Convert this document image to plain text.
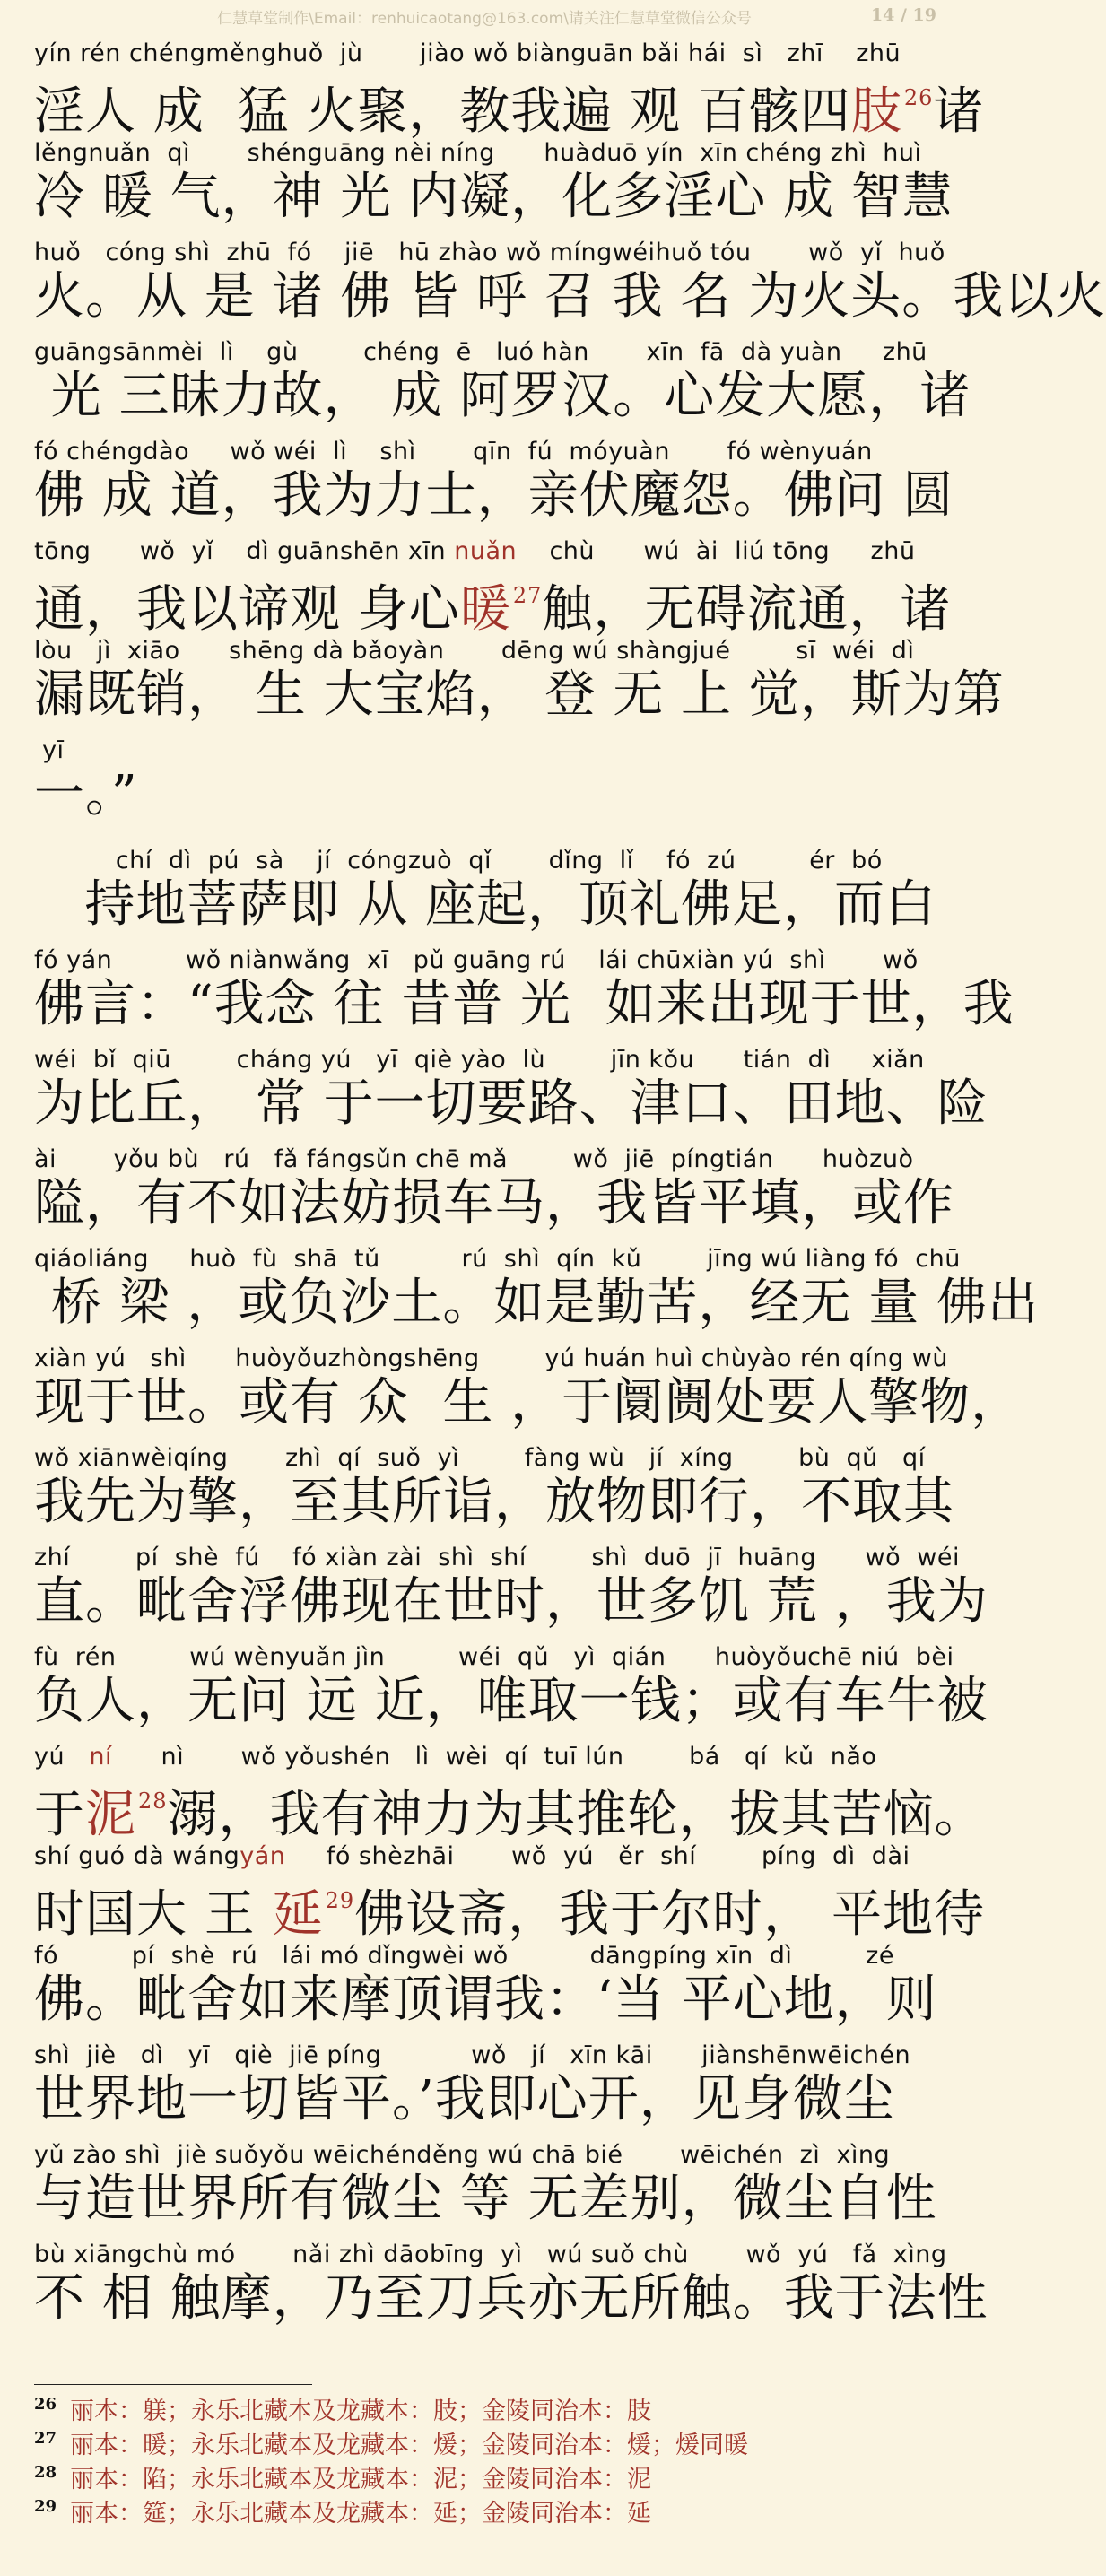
仁慧草堂制作\Email：renhuicaotang@163.com\请关注仁慧草堂微信公众号	14 / 19
yín rén chéngměnghuǒ  jù       jiào wǒ biànguān bǎi hái  sì   zhī    zhū
淫人 成  猛 火聚，教我遍 观 百骸四肢$^{26}$诸
lěngnuǎn  qì       shénguāng nèi níng      huàduō yín  xīn chéng zhì  huì
冷 暖 气，神 光 内凝，化多淫心 成 智慧
huǒ   cóng shì  zhū  fó    jiē   hū zhào wǒ míngwéihuǒ tóu       wǒ  yǐ  huǒ
火。从 是 诸 佛 皆 呼 召 我 名 为火头。我以火
guāngsānmèi  lì    gù        chéng  ē   luó hàn       xīn  fā  dà yuàn     zhū
光 三昧力故， 成 阿罗汉。心发大愿，诸
fó chéngdào     wǒ wéi  lì    shì       qīn  fú  móyuàn       fó wènyuán
佛 成 道，我为力士，亲伏魔怨。佛问 圆
tōng      wǒ  yǐ    dì guānshēn xīn nuǎn    chù      wú  ài  liú tōng     zhū
通，我以谛观 身心暖$^{27}$触，无碍流通，诸
lòu   jì  xiāo      shēng dà bǎoyàn       dēng wú shàngjué        sī  wéi  dì
漏既销， 生 大宝焰， 登 无 上 觉，斯为第
yī
一。”
chí  dì  pú  sà    jí  cóngzuò  qǐ       dǐng  lǐ    fó  zú         ér  bó
持地菩萨即 从 座起，顶礼佛足，而白
fó yán         wǒ niànwǎng  xī   pǔ guāng rú    lái chūxiàn yú  shì       wǒ
佛言：“我念 往 昔普 光  如来出现于世，我
wéi  bǐ  qiū        cháng yú   yī  qiè yào  lù        jīn kǒu      tián  dì     xiǎn
为比丘， 常 于一切要路、津口、田地、险
ài       yǒu bù   rú   fǎ fángsǔn chē mǎ        wǒ  jiē  píngtián      huòzuò
隘，有不如法妨损车马，我皆平填，或作
qiáoliáng     huò  fù  shā  tǔ          rú  shì  qín  kǔ        jīng wú liàng fó  chū
桥 梁 ，或负沙土。如是勤苦，经无 量 佛出
xiàn yú   shì      huòyǒuzhòngshēng        yú huán huì chùyào rén qíng wù
现于世。或有 众  生 ，于阛阓处要人擎物，
wǒ xiānwèiqíng       zhì  qí  suǒ  yì        fàng wù   jí  xíng        bù  qǔ   qí
我先为擎，至其所诣，放物即行，不取其
zhí        pí  shè  fú    fó xiàn zài  shì  shí        shì  duō  jī  huāng      wǒ  wéi
直。毗舍浮佛现在世时，世多饥 荒 ，我为
fù  rén         wú wènyuǎn jìn         wéi  qǔ   yì  qián      huòyǒuchē niú  bèi
负人，无问 远 近，唯取一钱；或有车牛被
yú   ní      nì       wǒ yǒushén   lì  wèi  qí  tuī lún        bá   qí  kǔ  nǎo
于泥$^{28}$溺，我有神力为其推轮，拔其苦恼。
shí guó dà wángyán     fó shèzhāi       wǒ  yú   ěr  shí        píng  dì  dài
时国大 王 延$^{29}$佛设斋，我于尔时， 平地待
fó         pí  shè  rú   lái mó dǐngwèi wǒ          dāngpíng xīn  dì         zé
佛。毗舍如来摩顶谓我：‘当 平心地，则
shì  jiè   dì   yī   qiè  jiē píng           wǒ   jí   xīn kāi      jiànshēnwēichén
世界地一切皆平。’我即心开，见身微尘
yǔ zào shì  jiè suǒyǒu wēichénděng wú chā bié       wēichén  zì  xìng
与造世界所有微尘 等 无差别，微尘自性
bù xiāngchù mó       nǎi zhì dāobīng  yì   wú suǒ chù       wǒ  yú   fǎ  xìng
不 相 触摩，乃至刀兵亦无所触。我于法性
26 丽本：躾；永乐北藏本及龙藏本：肢；金陵同治本：肢
27 丽本：暖；永乐北藏本及龙藏本：煖；金陵同治本：煖；煖同暖
28 丽本：陷；永乐北藏本及龙藏本：泥；金陵同治本：泥
29 丽本：筵；永乐北藏本及龙藏本：延；金陵同治本：延
